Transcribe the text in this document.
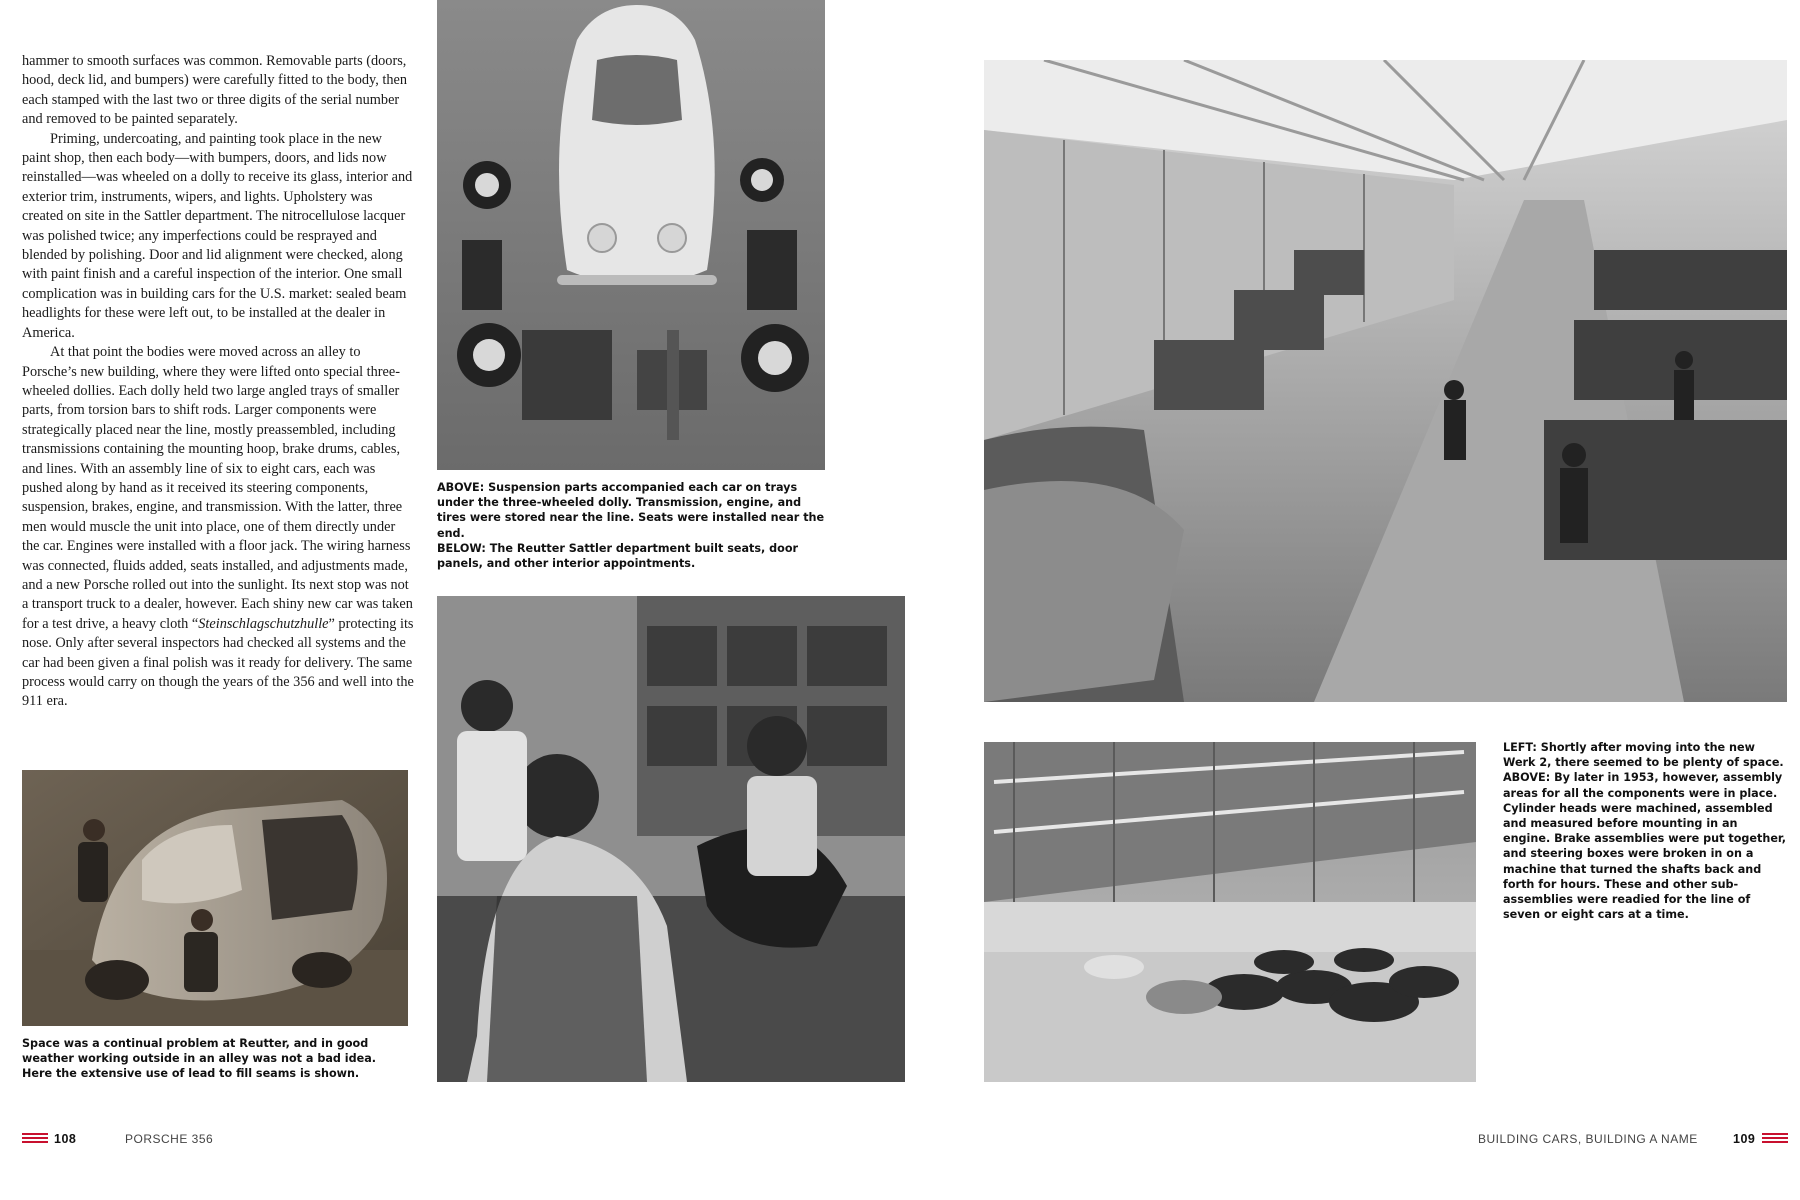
hammer to smooth surfaces was common. Removable parts (doors, hood, deck lid, and bumpers) were carefully fitted to the body, then each stamped with the last two or three digits of the serial number and removed to be painted separately.

Priming, undercoating, and painting took place in the new paint shop, then each body—with bumpers, doors, and lids now reinstalled—was wheeled on a dolly to receive its glass, interior and exterior trim, instruments, wipers, and lights. Upholstery was created on site in the Sattler department. The nitrocellulose lacquer was polished twice; any imperfections could be resprayed and blended by polishing. Door and lid alignment were checked, along with paint finish and a careful inspection of the interior. One small complication was in building cars for the U.S. market: sealed beam headlights for these were left out, to be installed at the dealer in America.

At that point the bodies were moved across an alley to Porsche’s new building, where they were lifted onto special three-wheeled dollies. Each dolly held two large angled trays of smaller parts, from torsion bars to shift rods. Larger components were strategically placed near the line, mostly preassembled, including transmissions containing the mounting hoop, brake drums, cables, and lines. With an assembly line of six to eight cars, each was pushed along by hand as it received its steering components, suspension, brakes, engine, and transmission. With the latter, three men would muscle the unit into place, one of them directly under the car. Engines were installed with a floor jack. The wiring harness was connected, fluids added, seats installed, and adjustments made, and a new Porsche rolled out into the sunlight. Its next stop was not a transport truck to a dealer, however. Each shiny new car was taken for a test drive, a heavy cloth “Steinschlagschutzhulle” protecting its nose. Only after several inspectors had checked all systems and the car had been given a final polish was it ready for delivery. The same process would carry on though the years of the 356 and well into the 911 era.

Space was a continual problem at Reutter, and in good weather working outside in an alley was not a bad idea. Here the extensive use of lead to fill seams is shown.

ABOVE: Suspension parts accompanied each car on trays under the three-wheeled dolly. Transmission, engine, and tires were stored near the line. Seats were installed near the end.

BELOW: The Reutter Sattler department built seats, door panels, and other interior appointments.

108	PORSCHE 356

LEFT: Shortly after moving into the new Werk 2, there seemed to be plenty of space.

ABOVE: By later in 1953, however, assembly areas for all the components were in place. Cylinder heads were machined, assembled and measured before mounting in an engine. Brake assemblies were put together, and steering boxes were broken in on a machine that turned the shafts back and forth for hours. These and other sub-assemblies were readied for the line of seven or eight cars at a time.

BUILDING CARS, BUILDING A NAME	109
